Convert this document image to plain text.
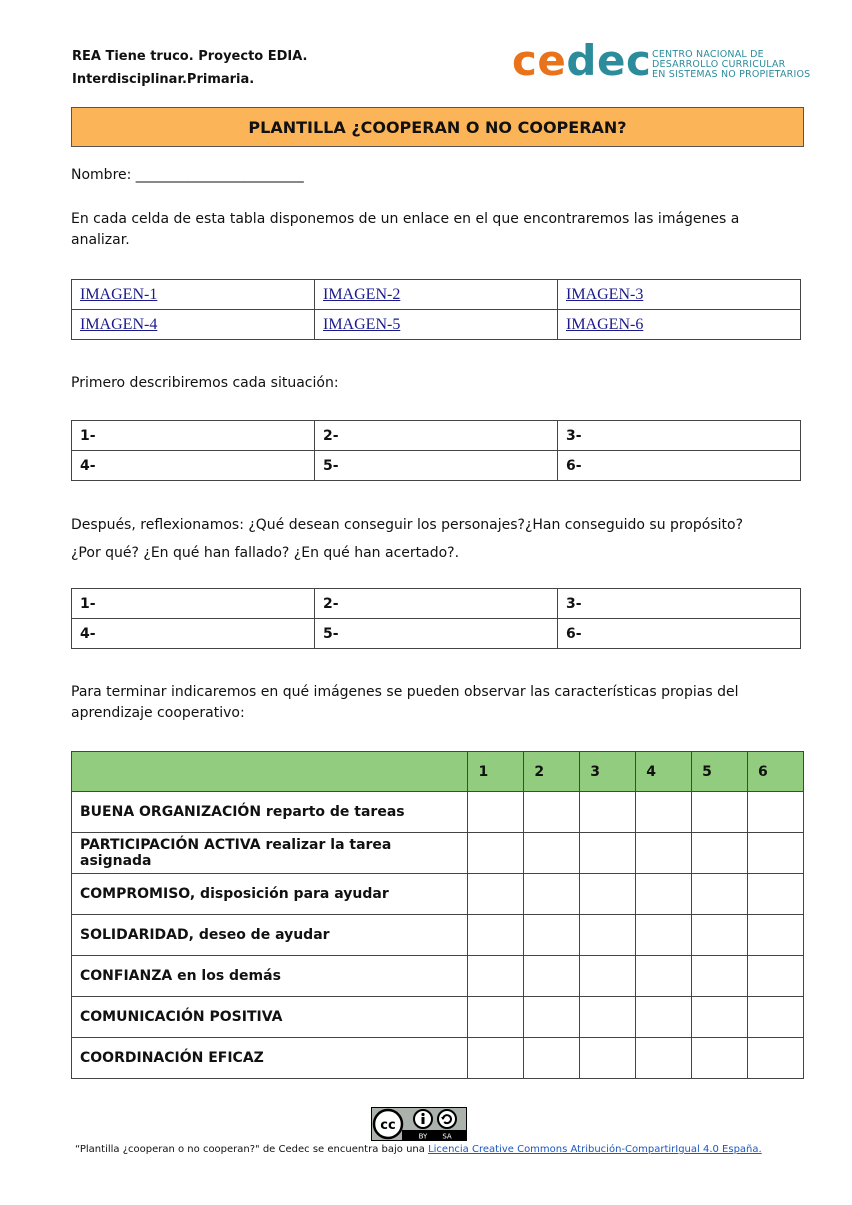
REA Tiene truco. Proyecto EDIA.
Interdisciplinar.Primaria.	cedec CENTRO NACIONAL DE
DESARROLLO CURRICULAR
EN SISTEMAS NO PROPIETARIOS
PLANTILLA ¿COOPERAN O NO COOPERAN?
Nombre: ________________________
En cada celda de esta tabla disponemos de un enlace en el que encontraremos las imágenes a analizar.
IMAGEN-1	IMAGEN-2	IMAGEN-3
IMAGEN-4	IMAGEN-5	IMAGEN-6
Primero describiremos cada situación:
1-	2-	3-
4-	5-	6-
Después, reflexionamos: ¿Qué desean conseguir los personajes?¿Han conseguido su propósito?
¿Por qué? ¿En qué han fallado? ¿En qué han acertado?.
1-	2-	3-
4-	5-	6-
Para terminar indicaremos en qué imágenes se pueden observar las características propias del aprendizaje cooperativo:
	1	2	3	4	5	6
BUENA ORGANIZACIÓN reparto de tareas						
PARTICIPACIÓN ACTIVA realizar la tarea asignada						
COMPROMISO, disposición para ayudar						
SOLIDARIDAD, deseo de ayudar						
CONFIANZA en los demás						
COMUNICACIÓN POSITIVA						
COORDINACIÓN EFICAZ						
cc
BY SA
“Plantilla ¿cooperan o no cooperan?" de Cedec se encuentra bajo una Licencia Creative Commons Atribución-CompartirIgual 4.0 España.
